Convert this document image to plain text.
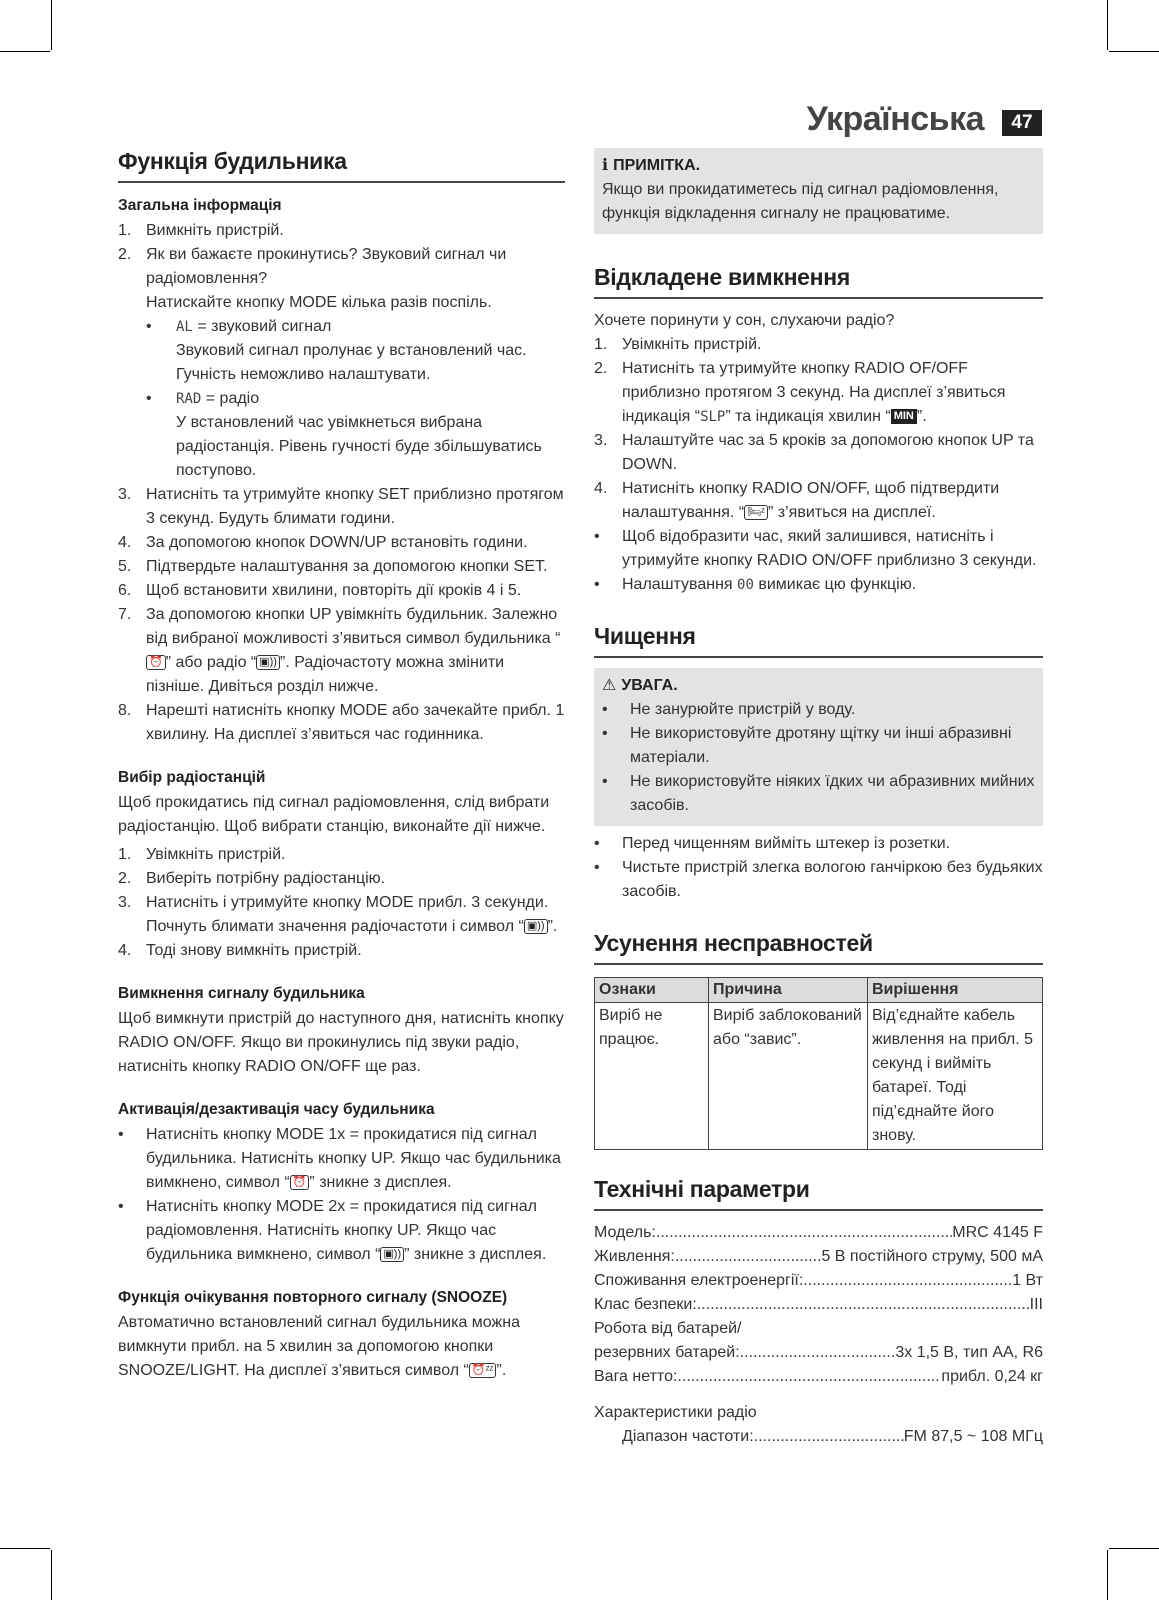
Українська	47
Функція будильника
Загальна інформація
1. Вимкніть пристрій.
2. Як ви бажаєте прокинутись? Звуковий сигнал чи радіомовлення?
Натискайте кнопку MODE кілька разів поспіль.
•	AL = звуковий сигнал
Звуковий сигнал пролунає у встановлений час. Гучність неможливо налаштувати.
•	RAD = радіо
У встановлений час увімкнеться вибрана радіостанція. Рівень гучності буде збільшуватись поступово.
3. Натисніть та утримуйте кнопку SET приблизно протягом 3 секунд. Будуть блимати години.
4. За допомогою кнопок DOWN/UP встановіть години.
5. Підтвердьте налаштування за допомогою кнопки SET.
6. Щоб встановити хвилини, повторіть дії кроків 4 і 5.
7. За допомогою кнопки UP увімкніть будильник. Залежно від вибраної можливості з’явиться символ будильника “⏰ ” або радіо “ ▣)) ”. Радіочастоту можна змінити пізніше. Дивіться розділ нижче.
8. Нарешті натисніть кнопку MODE або зачекайте прибл. 1 хвилину. На дисплеї з’явиться час годинника.
Вибір радіостанцій

Щоб прокидатись під сигнал радіомовлення, слід вибрати радіостанцію. Щоб вибрати станцію, виконайте дії нижче.

1. Увімкніть пристрій.
2. Виберіть потрібну радіостанцію.
3. Натисніть і утримуйте кнопку MODE прибл. 3 секунди. Почнуть блимати значення радіочастоти і символ “ ▣)) ”.
4. Тоді знову вимкніть пристрій.
Вимкнення сигналу будильника

Щоб вимкнути пристрій до наступного дня, натисніть кнопку RADIO ON/OFF. Якщо ви прокинулись під звуки радіо, натисніть кнопку RADIO ON/OFF ще раз.

Активація/дезактивація часу будильника
•	Натисніть кнопку MODE 1x = прокидатися під сигнал будильника. Натисніть кнопку UP. Якщо час будильника вимкнено, символ “ ⏰ ” зникне з дисплея.
•	Натисніть кнопку MODE 2x = прокидатися під сигнал радіомовлення. Натисніть кнопку UP. Якщо час будильника вимкнено, символ “ ▣)) ” зникне з дисплея.
Функція очікування повторного сигналу (SNOOZE)

Автоматично встановлений сигнал будильника можна вимкнути прибл. на 5 хвилин за допомогою кнопки SNOOZE/LIGHT. На дисплеї з’явиться символ “ ⏰ᶻᶻ ”.

ℹ ПРИМІТКА.

Якщо ви прокидатиметесь під сигнал радіомовлення, функція відкладення сигналу не працюватиме.

Відкладене вимкнення

Хочете поринути у сон, слухаючи радіо?

1. Увімкніть пристрій.
2. Натисніть та утримуйте кнопку RADIO OF/OFF приблизно протягом 3 секунд. На дисплеї з’явиться індикація “SLP” та індикація хвилин “ MIN ”.
3. Налаштуйте час за 5 кроків за допомогою кнопок UP та DOWN.
4. Натисніть кнопку RADIO ON/OFF, щоб підтвердити налаштування. “ 🛏ᶻ ” з’явиться на дисплеї.
•	Щоб відобразити час, який залишився, натисніть і утримуйте кнопку RADIO ON/OFF приблизно 3 секунди.
•	Налаштування 00 вимикає цю функцію.
Чищення
⚠ УВАГА.
•	Не занурюйте пристрій у воду.
•	Не використовуйте дротяну щітку чи інші абразивні матеріали.
•	Не використовуйте ніяких їдких чи абразивних мийних засобів.
•	Перед чищенням вийміть штекер із розетки.
•	Чистьте пристрій злегка вологою ганчіркою без будьяких засобів.
Усунення несправностей
Ознаки	Причина	Вирішення
Виріб не працює.	Виріб заблокований або “завис”.	Від’єднайте кабель живлення на прибл. 5 секунд і вийміть батареї. Тоді під’єднайте його знову.
Технічні параметри
Модель: .....	MRC 4145 F
Живлення: .....	5 В постійного струму, 500 мА
Споживання електроенергії: .....	1 Вт
Клас безпеки: .....	III
Робота від батарей/
резервних батарей: .....	3x 1,5 В, тип AA, R6
Вага нетто: .....	прибл. 0,24 кг
Характеристики радіо
Діапазон частоти: .....	FM 87,5 ~ 108 МГц
